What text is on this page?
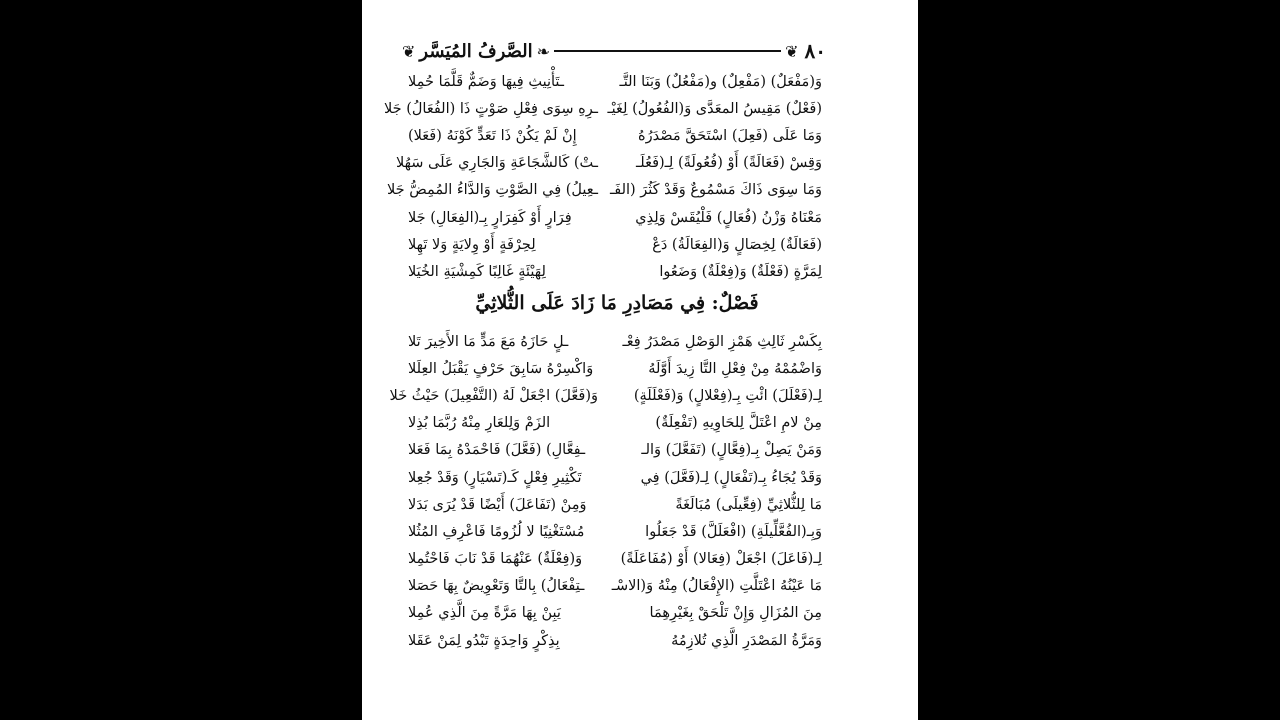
٨٠
❦
❧
الصَّرفُ المُيَسَّر
❦
وَ(مَفْعَلٌ) (مَفْعِلٌ) و(مَفْعُلٌ) وَبَنَا التَّـ
ـتَأْنِيثِ فِيهَا وَضَمٌّ قَلَّمَا حُمِلا
(فَعْلٌ) مَقِيسُ المعَدَّى وَ(الفُعُولُ) لِغَيْـ
ـرِهِ سِوَى فِعْلِ صَوْتٍ ذَا (الفُعَالُ) جَلا
وَمَا عَلَى (فَعِلَ) اسْتَحَقَّ مَصْدَرُهُ
إِنْ لَمْ يَكُنْ ذَا تَعَدٍّ كَوْنَهُ (فَعَلا)
وَقِسْ (فَعَالَةً) أَوْ (فُعُولَةً) لِـ(فَعُلَـ
ـتْ) كَالشَّجَاعَةِ وَالجَارِي عَلَى سَهُلا
وَمَا سِوَى ذَاكَ مَسْمُوعٌ وَقَدْ كَثُرَ (الفَـ
ـعِيلُ) فِي الصَّوْتِ وَالدَّاءُ المُمِضُّ جَلا
مَعْنَاهُ وَزْنُ (فُعَالٍ) فَلْيُقَسْ وَلِذِي
فِرَارٍ أَوْ كَفِرَارٍ بِـ(الفِعَالِ) جَلا
(فَعَالَةٌ) لِخِصَالٍ وَ(الفِعَالَةُ) دَعْ
لِحِرْفَةٍ أَوْ وِلايَةٍ وَلا تَهِلا
لِمَرَّةٍ (فَعْلَةٌ) وَ(فِعْلَةٌ) وَضَعُوا
لِهَيْئَةٍ غَالِبًا كَمِشْيَةِ الخُيَلا
فَصْلٌ: فِي مَصَادِرِ مَا زَادَ عَلَى الثُّلاثِيِّ
بِكَسْرِ ثَالِثِ هَمْزِ الوَصْلِ مَصْدَرُ فِعْـ
ـلٍ حَازَهُ مَعَ مَدٍّ مَا الأَخِيرَ تَلا
وَاضْمُمْهُ مِنْ فِعْلِ التَّا زِيدَ أَوَّلَهُ
وَاكْسِرْهُ سَابِقَ حَرْفٍ يَقْبَلُ العِلَلا
لِـ(فَعْلَلَ) ائْتِ بِـ(فِعْلالٍ) وَ(فَعْلَلَةٍ)
وَ(فَعَّلَ) اجْعَلْ لَهُ (التَّفْعِيلَ) حَيْثُ خَلا
مِنْ لامِ اعْتَلَّ لِلحَاوِيهِ (تَفْعِلَةٌ)
الزَمْ وَلِلعَارِ مِنْهُ رُبَّمَا بُذِلا
وَمَنْ يَصِلْ بِـ(فِعَّالٍ) (تَفَعَّلَ) وَالـ
ـفِعَّالِ) (فَعَّلَ) فَاحْمَدْهُ بِمَا فَعَلا
وَقَدْ يُجَاءُ بِـ(تَفْعَالٍ) لِـ(فَعَّلَ) فِي
تَكْثِيرِ فِعْلٍ كَـ(تَسْيَارٍ) وَقَدْ جُعِلا
مَا لِلثُّلاثِيِّ (فِعِّيلَى) مُبَالَغَةً
وَمِنْ (تَفَاعَلَ) أَيْضًا قَدْ يُرَى بَدَلا
وَبِـ(الفُعَّلِّيلَةِ) (افْعَلَلَّ) قَدْ جَعَلُوا
مُسْتَغْنِيًا لا لُزُومًا فَاعْرِفِ المُثُلا
لِـ(فَاعَلَ) اجْعَلْ (فِعَالا) أَوْ (مُفَاعَلَةً)
وَ(فِعْلَةٌ) عَنْهُمَا قَدْ نَابَ فَاحْتُمِلا
مَا عَيْنُهُ اعْتَلَّتِ (الإِفْعَالُ) مِنْهُ وَ(الاسْـ
ـتِفْعَالُ) بِالتَّا وَتَعْوِيضٌ بِهَا حَصَلا
مِنَ المُزَالِ وَإِنْ تَلْحَقْ بِغَيْرِهِمَا
يَبِنْ بِهَا مَرَّةً مِنَ الَّذِي عُمِلا
وَمَرَّةُ المَصْدَرِ الَّذِي تُلازِمُهُ
بِذِكْرٍ وَاحِدَةٍ تَبْدُو لِمَنْ عَقَلا
